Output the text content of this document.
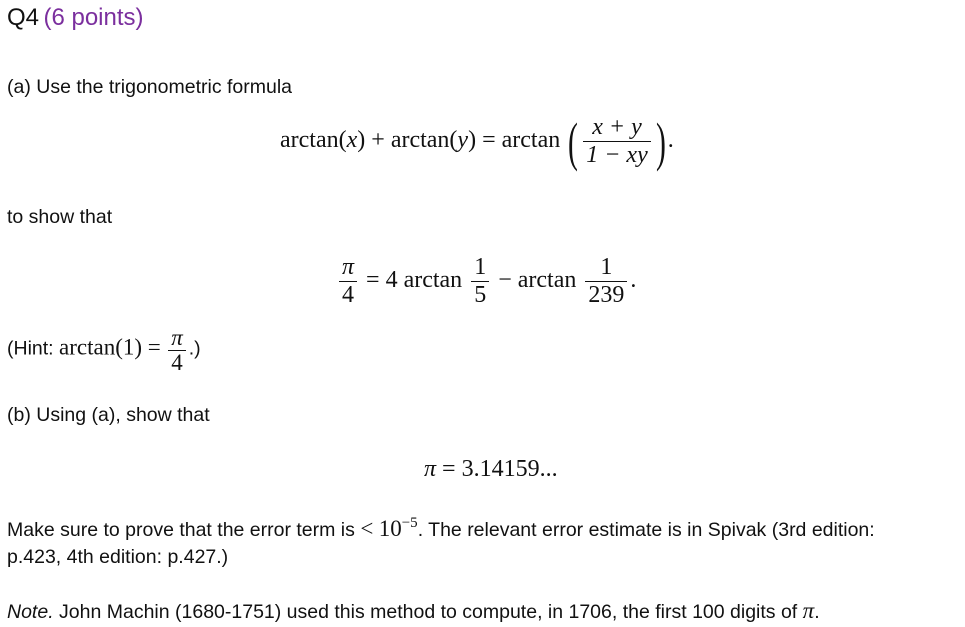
Q4 (6 points)
(a) Use the trigonometric formula
arctan(x) + arctan(y) = arctan ( $\frac{x + y}{1 - xy}$ ).
to show that
$\frac{\pi}{4} = 4$ $\arctan \frac{1}{5} - \arctan \frac{1}{239}$ .
(Hint: $\arctan(1) = \frac{\pi}{4}$ .)
(b) Using (a), show that
π = 3.14159...
Make sure to prove that the error term is < $10^{-5}$. The relevant error estimate is in Spivak (3rd edition:
p.423, 4th edition: p.427.)
Note. John Machin (1680-1751) used this method to compute, in 1706, the first 100 digits of π.
